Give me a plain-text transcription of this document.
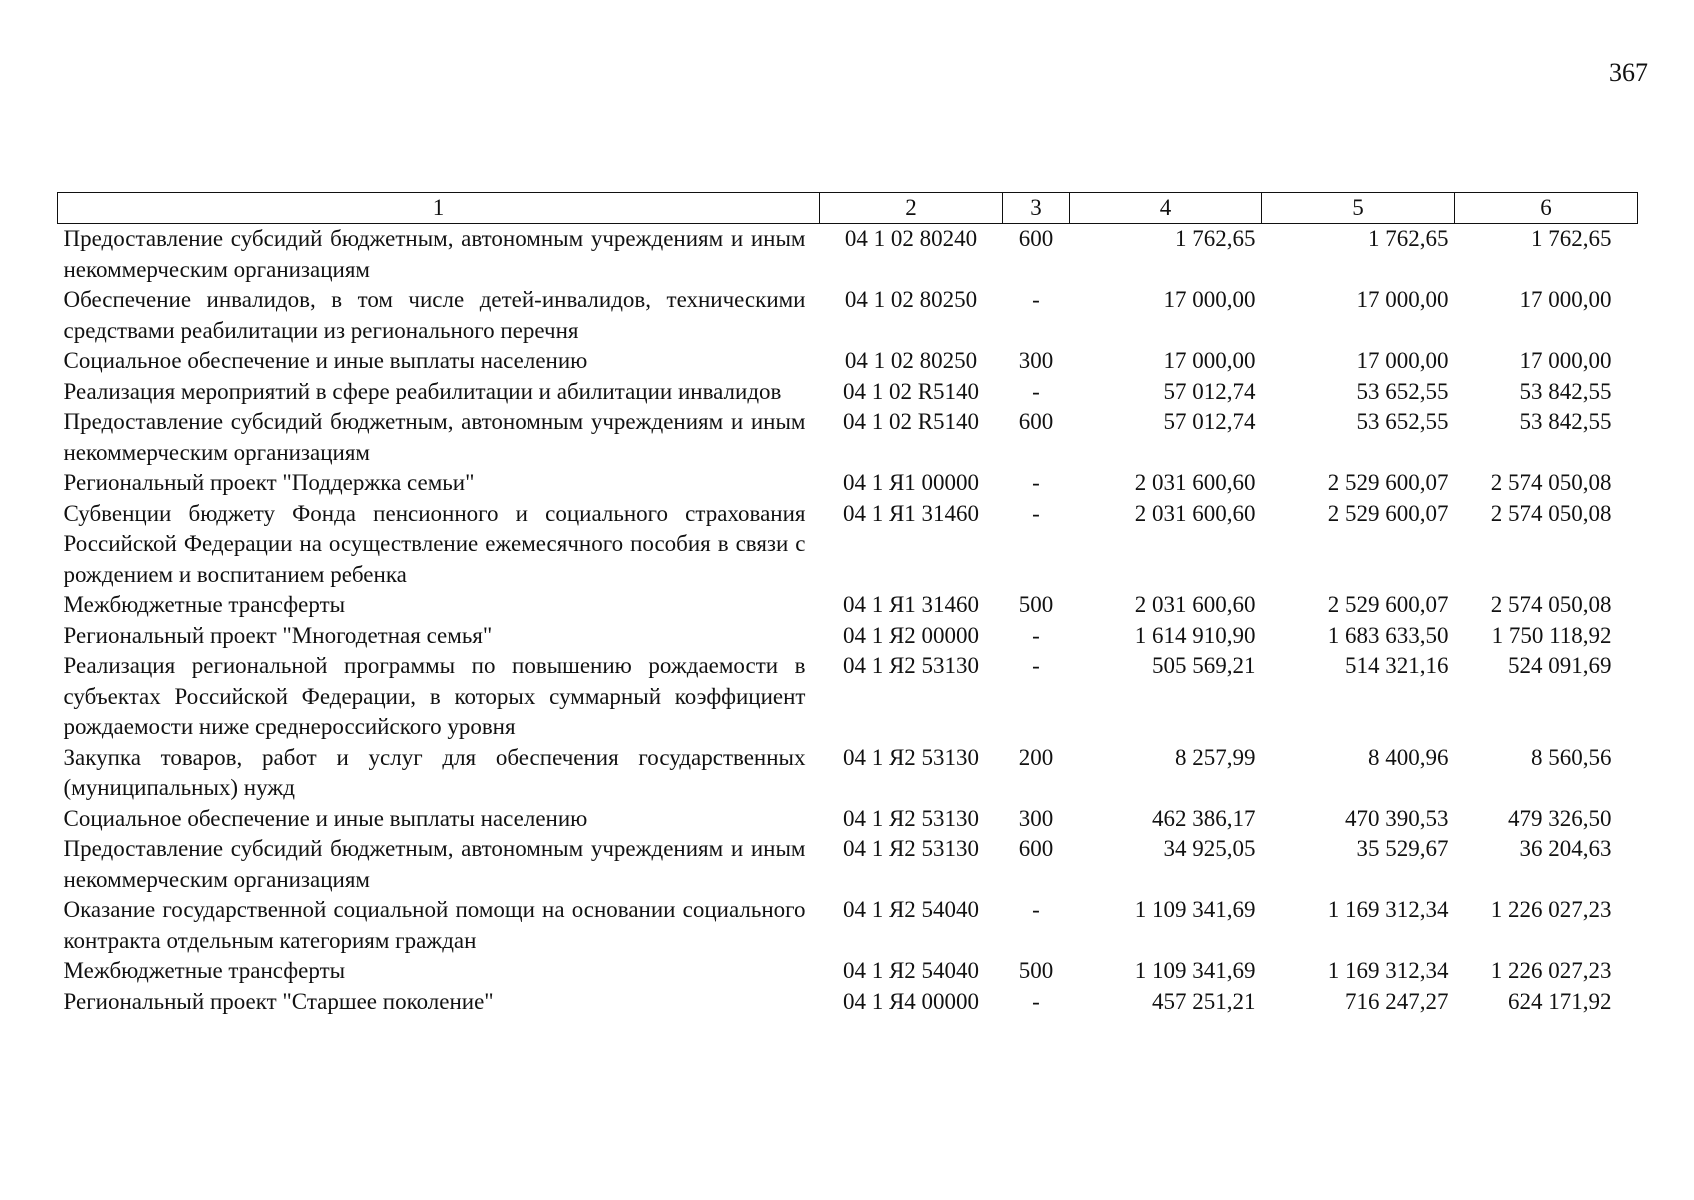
367
1	2	3	4	5	6
Предоставление субсидий бюджетным, автономным учреждениям и иным некоммерческим организациям	04 1 02 80240	600	1 762,65	1 762,65	1 762,65
Обеспечение инвалидов, в том числе детей-инвалидов, техническими средствами реабилитации из регионального перечня	04 1 02 80250	-	17 000,00	17 000,00	17 000,00
Социальное обеспечение и иные выплаты населению	04 1 02 80250	300	17 000,00	17 000,00	17 000,00
Реализация мероприятий в сфере реабилитации и абилитации инвалидов	04 1 02 R5140	-	57 012,74	53 652,55	53 842,55
Предоставление субсидий бюджетным, автономным учреждениям и иным некоммерческим организациям	04 1 02 R5140	600	57 012,74	53 652,55	53 842,55
Региональный проект "Поддержка семьи"	04 1 Я1 00000	-	2 031 600,60	2 529 600,07	2 574 050,08
Субвенции бюджету Фонда пенсионного и социального страхования Российской Федерации на осуществление ежемесячного пособия в связи с рождением и воспитанием ребенка	04 1 Я1 31460	-	2 031 600,60	2 529 600,07	2 574 050,08
Межбюджетные трансферты	04 1 Я1 31460	500	2 031 600,60	2 529 600,07	2 574 050,08
Региональный проект "Многодетная семья"	04 1 Я2 00000	-	1 614 910,90	1 683 633,50	1 750 118,92
Реализация региональной программы по повышению рождаемости в субъектах Российской Федерации, в которых суммарный коэффициент рождаемости ниже среднероссийского уровня	04 1 Я2 53130	-	505 569,21	514 321,16	524 091,69
Закупка товаров, работ и услуг для обеспечения государственных (муниципальных) нужд	04 1 Я2 53130	200	8 257,99	8 400,96	8 560,56
Социальное обеспечение и иные выплаты населению	04 1 Я2 53130	300	462 386,17	470 390,53	479 326,50
Предоставление субсидий бюджетным, автономным учреждениям и иным некоммерческим организациям	04 1 Я2 53130	600	34 925,05	35 529,67	36 204,63
Оказание государственной социальной помощи на основании социального контракта отдельным категориям граждан	04 1 Я2 54040	-	1 109 341,69	1 169 312,34	1 226 027,23
Межбюджетные трансферты	04 1 Я2 54040	500	1 109 341,69	1 169 312,34	1 226 027,23
Региональный проект "Старшее поколение"	04 1 Я4 00000	-	457 251,21	716 247,27	624 171,92
